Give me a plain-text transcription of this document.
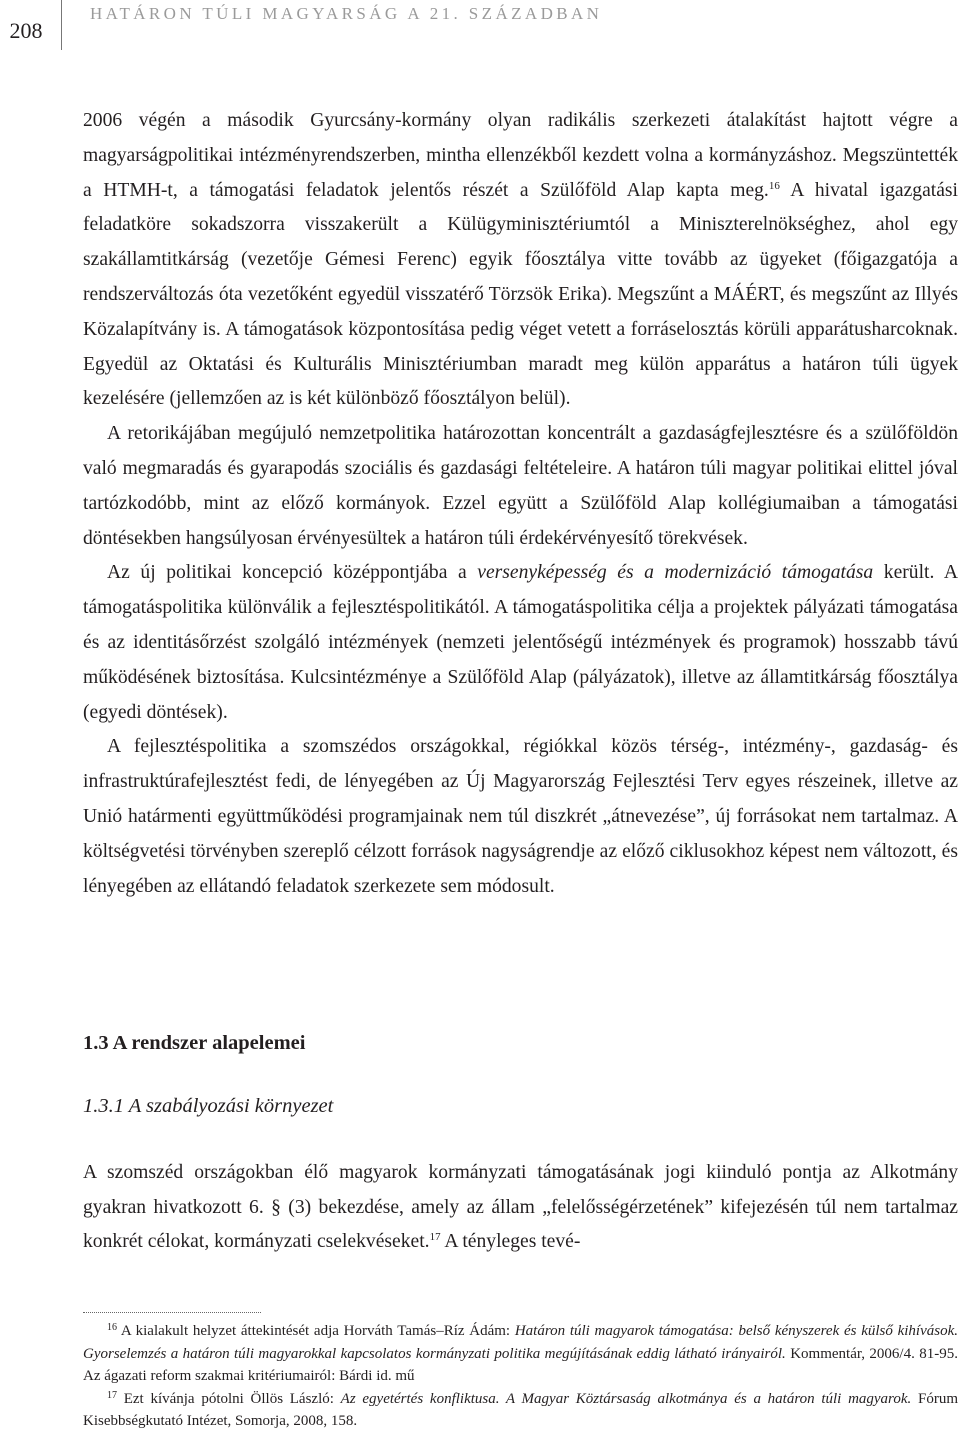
208
HATÁRON TÚLI MAGYARSÁG A 21. SZÁZADBAN

2006 végén a második Gyurcsány-kormány olyan radikális szerkezeti átalakítást hajtott végre a magyarságpolitikai intézményrendszerben, mintha ellenzékből kezdett volna a kormányzáshoz. Megszüntették a HTMH-t, a támogatási feladatok jelentős részét a Szülőföld Alap kapta meg.$^{16}$ A hivatal igazgatási feladatköre sokadszorra visszakerült a Külügyminisztériumtól a Miniszterelnökséghez, ahol egy szakállamtitkárság (vezetője Gémesi Ferenc) egyik főosztálya vitte tovább az ügyeket (főigazgatója a rendszerváltozás óta vezetőként egyedül visszatérő Törzsök Erika). Megszűnt a MÁÉRT, és megszűnt az Illyés Közalapítvány is. A támogatások központosítása pedig véget vetett a forráselosztás körüli apparátusharcoknak. Egyedül az Oktatási és Kulturális Minisztériumban maradt meg külön apparátus a határon túli ügyek kezelésére (jellemzően az is két különböző főosztályon belül).

A retorikájában megújuló nemzetpolitika határozottan koncentrált a gazdaságfejlesztésre és a szülőföldön való megmaradás és gyarapodás szociális és gazdasági feltételeire. A határon túli magyar politikai elittel jóval tartózkodóbb, mint az előző kormányok. Ezzel együtt a Szülőföld Alap kollégiumaiban a támogatási döntésekben hangsúlyosan érvényesültek a határon túli érdekérvényesítő törekvések.

Az új politikai koncepció középpontjába a versenyképesség és a modernizáció támogatása került. A támogatáspolitika különválik a fejlesztéspolitikától. A támogatáspolitika célja a projektek pályázati támogatása és az identitásőrzést szolgáló intézmények (nemzeti jelentőségű intézmények és programok) hosszabb távú működésének biztosítása. Kulcsintézménye a Szülőföld Alap (pályázatok), illetve az államtitkárság főosztálya (egyedi döntések).

A fejlesztéspolitika a szomszédos országokkal, régiókkal közös térség-, intézmény-, gazdaság- és infrastruktúrafejlesztést fedi, de lényegében az Új Magyarország Fejlesztési Terv egyes részeinek, illetve az Unió határmenti együttműködési programjainak nem túl diszkrét „átnevezése”, új forrásokat nem tartalmaz. A költségvetési törvényben szereplő célzott források nagyságrendje az előző ciklusokhoz képest nem változott, és lényegében az ellátandó feladatok szerkezete sem módosult.

1.3 A rendszer alapelemei
1.3.1 A szabályozási környezet

A szomszéd országokban élő magyarok kormányzati támogatásának jogi kiinduló pontja az Alkotmány gyakran hivatkozott 6. § (3) bekezdése, amely az állam „felelősségérzetének” kifejezésén túl nem tartalmaz konkrét célokat, kormányzati cselekvéseket.$^{17}$ A tényleges tevé-

$^{16}$ A kialakult helyzet áttekintését adja Horváth Tamás–Ríz Ádám: Határon túli magyarok támogatása: belső kényszerek és külső kihívások. Gyorselemzés a határon túli magyarokkal kapcsolatos kormányzati politika megújításának eddig látható irányairól. Kommentár, 2006/4. 81-95. Az ágazati reform szakmai kritériumairól: Bárdi id. mű

$^{17}$ Ezt kívánja pótolni Öllös László: Az egyetértés konfliktusa. A Magyar Köztársaság alkotmánya és a határon túli magyarok. Fórum Kisebbségkutató Intézet, Somorja, 2008, 158.
